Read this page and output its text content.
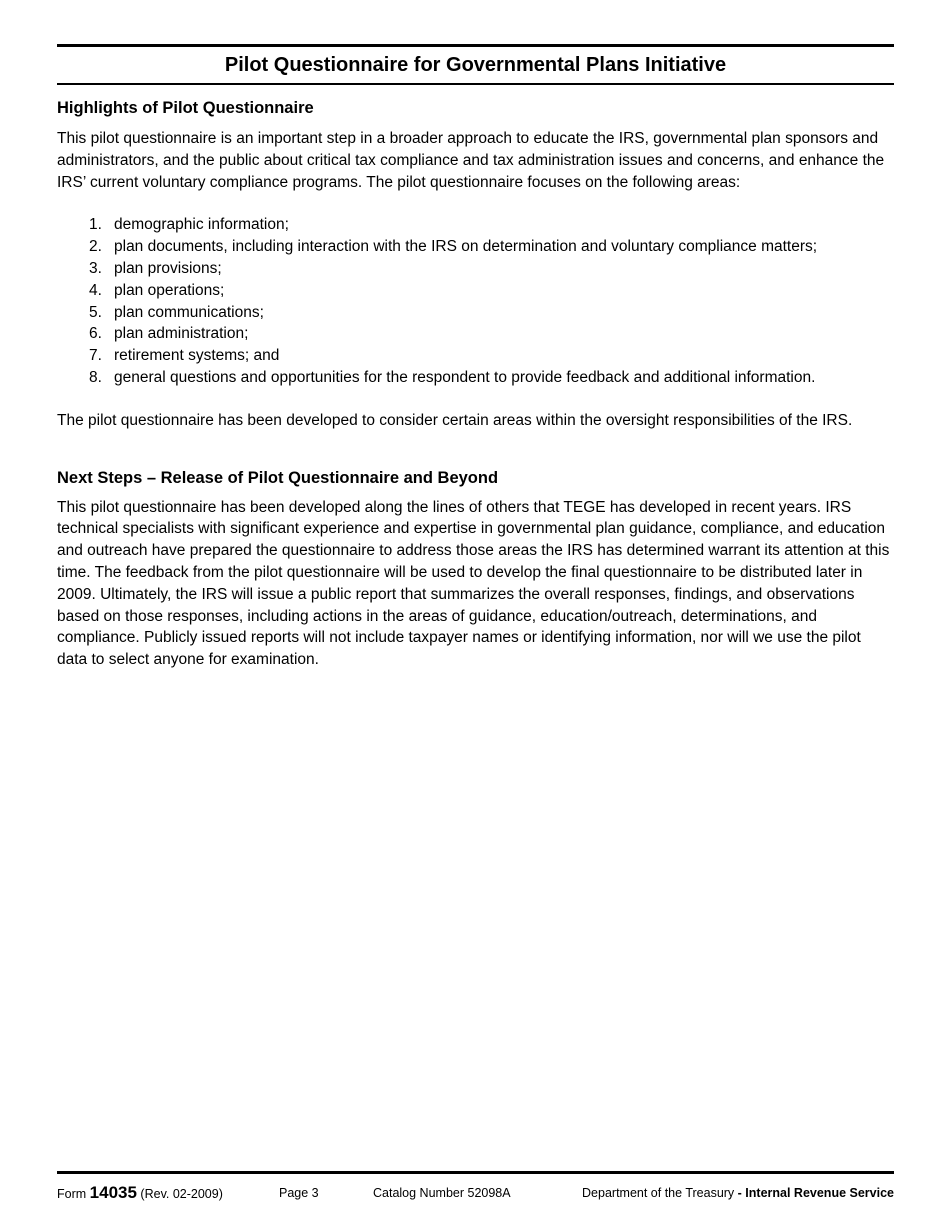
Pilot Questionnaire for Governmental Plans Initiative
Highlights of Pilot Questionnaire

This pilot questionnaire is an important step in a broader approach to educate the IRS, governmental plan sponsors and administrators, and the public about critical tax compliance and tax administration issues and concerns, and enhance the IRS’ current voluntary compliance programs. The pilot questionnaire focuses on the following areas:

1. demographic information;
2. plan documents, including interaction with the IRS on determination and voluntary compliance matters;
3. plan provisions;
4. plan operations;
5. plan communications;
6. plan administration;
7. retirement systems; and
8. general questions and opportunities for the respondent to provide feedback and additional information.

The pilot questionnaire has been developed to consider certain areas within the oversight responsibilities of the IRS.

Next Steps – Release of Pilot Questionnaire and Beyond

This pilot questionnaire has been developed along the lines of others that TEGE has developed in recent years. IRS technical specialists with significant experience and expertise in governmental plan guidance, compliance, and education and outreach have prepared the questionnaire to address those areas the IRS has determined warrant its attention at this time. The feedback from the pilot questionnaire will be used to develop the final questionnaire to be distributed later in 2009. Ultimately, the IRS will issue a public report that summarizes the overall responses, findings, and observations based on those responses, including actions in the areas of guidance, education/outreach, determinations, and compliance. Publicly issued reports will not include taxpayer names or identifying information, nor will we use the pilot data to select anyone for examination.

Form 14035 (Rev. 02-2009)	Page 3	Catalog Number 52098A	Department of the Treasury - Internal Revenue Service
